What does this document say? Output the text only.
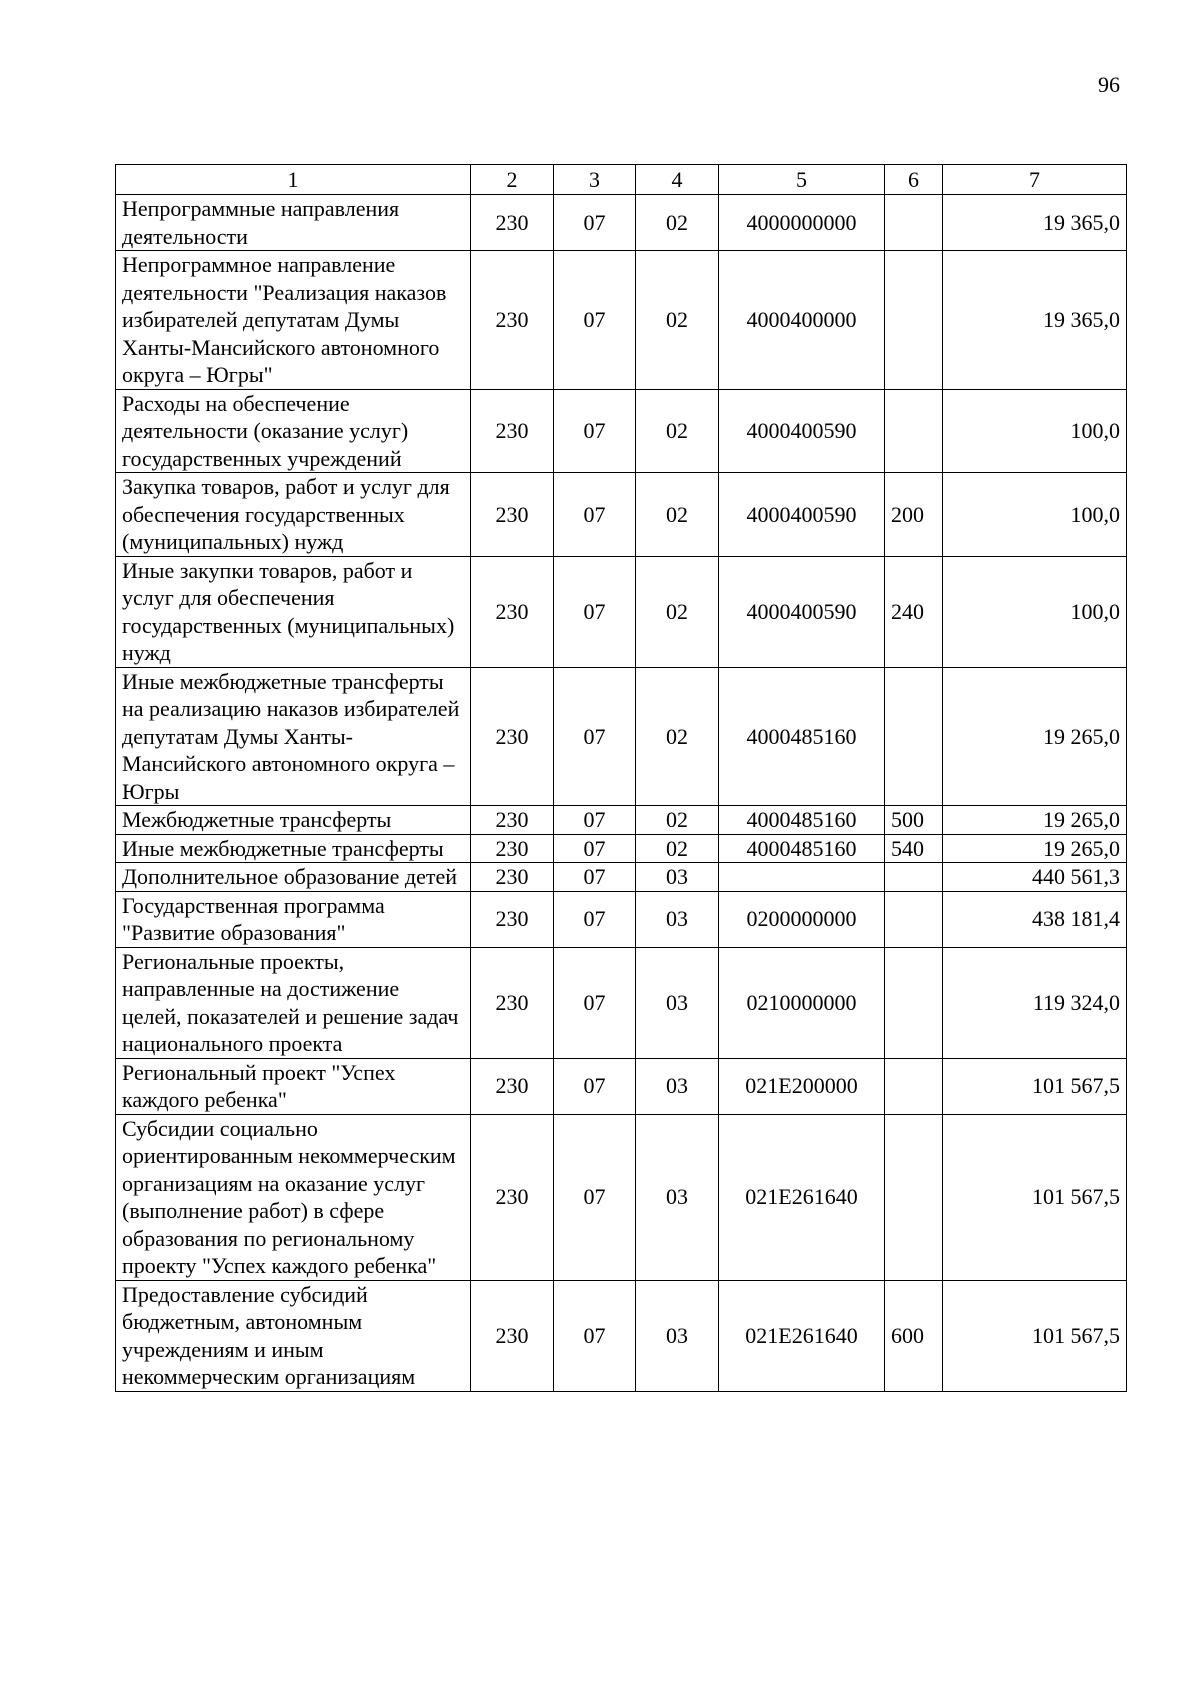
96
1	2	3	4	5	6	7
Непрограммные направления деятельности	230	07	02	4000000000		19 365,0
Непрограммное направление деятельности "Реализация наказов избирателей депутатам Думы Ханты-Мансийского автономного округа – Югры"	230	07	02	4000400000		19 365,0
Расходы на обеспечение деятельности (оказание услуг) государственных учреждений	230	07	02	4000400590		100,0
Закупка товаров, работ и услуг для обеспечения государственных (муниципальных) нужд	230	07	02	4000400590	200	100,0
Иные закупки товаров, работ и услуг для обеспечения государственных (муниципальных) нужд	230	07	02	4000400590	240	100,0
Иные межбюджетные трансферты на реализацию наказов избирателей депутатам Думы Ханты-Мансийского автономного округа – Югры	230	07	02	4000485160		19 265,0
Межбюджетные трансферты	230	07	02	4000485160	500	19 265,0
Иные межбюджетные трансферты	230	07	02	4000485160	540	19 265,0
Дополнительное образование детей	230	07	03			440 561,3
Государственная программа "Развитие образования"	230	07	03	0200000000		438 181,4
Региональные проекты, направленные на достижение целей, показателей и решение задач национального проекта	230	07	03	0210000000		119 324,0
Региональный проект "Успех каждого ребенка"	230	07	03	021E200000		101 567,5
Субсидии социально ориентированным некоммерческим организациям на оказание услуг (выполнение работ) в сфере образования по региональному проекту "Успех каждого ребенка"	230	07	03	021E261640		101 567,5
Предоставление субсидий бюджетным, автономным учреждениям и иным некоммерческим организациям	230	07	03	021E261640	600	101 567,5
